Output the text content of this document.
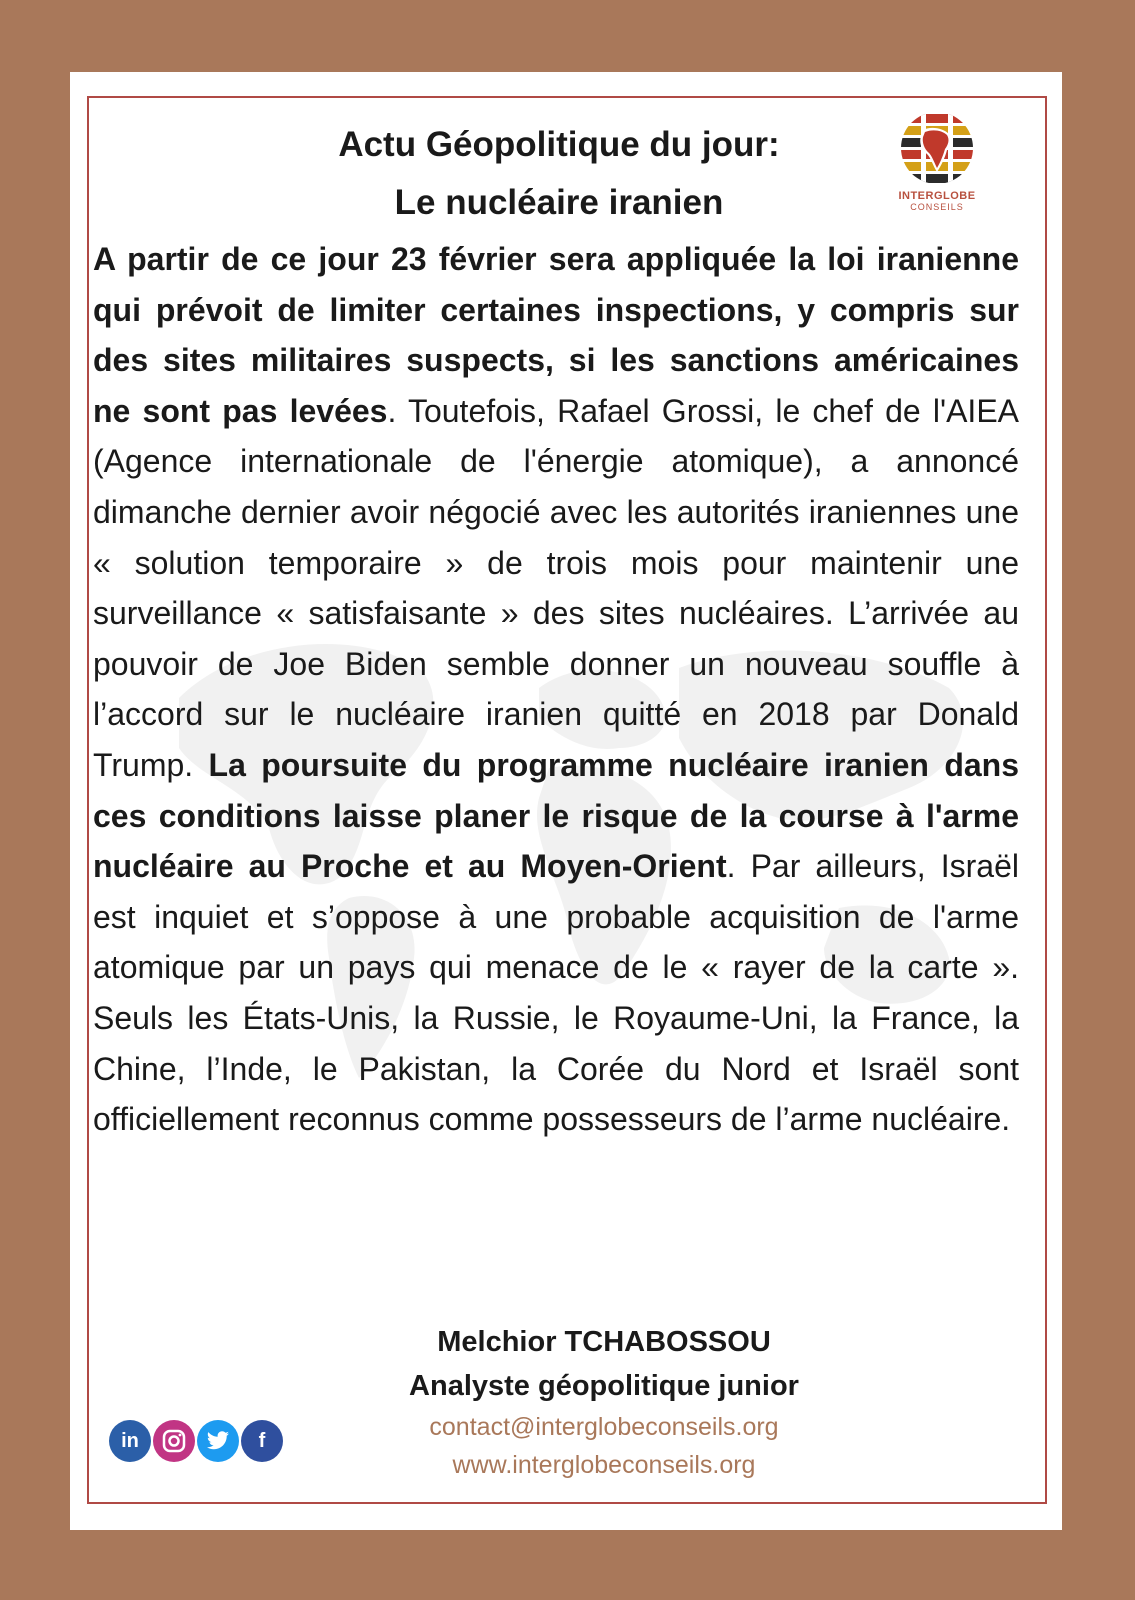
Actu Géopolitique du jour:
Le nucléaire iranien	INTERGLOBE
CONSEILS
A partir de ce jour 23 février sera appliquée la loi iranienne qui prévoit de limiter certaines inspections, y compris sur des sites militaires suspects, si les sanctions américaines ne sont pas levées. Toutefois, Rafael Grossi, le chef de l'AIEA (Agence internationale de l'énergie atomique), a annoncé dimanche dernier avoir négocié avec les autorités iraniennes une « solution temporaire » de trois mois pour maintenir une surveillance « satisfaisante » des sites nucléaires. L’arrivée au pouvoir de Joe Biden semble donner un nouveau souffle à l’accord sur le nucléaire iranien quitté en 2018 par Donald Trump. La poursuite du programme nucléaire iranien dans ces conditions laisse planer le risque de la course à l'arme nucléaire au Proche et au Moyen-Orient. Par ailleurs, Israël est inquiet et s’oppose à une probable acquisition de l'arme atomique par un pays qui menace de le « rayer de la carte ». Seuls les États-Unis, la Russie, le Royaume-Uni, la France, la Chine, l’Inde, le Pakistan, la Corée du Nord et Israël sont officiellement reconnus comme possesseurs de l’arme nucléaire.
Melchior TCHABOSSOU
Analyste géopolitique junior
contact@interglobeconseils.org
www.interglobeconseils.org
in	f
